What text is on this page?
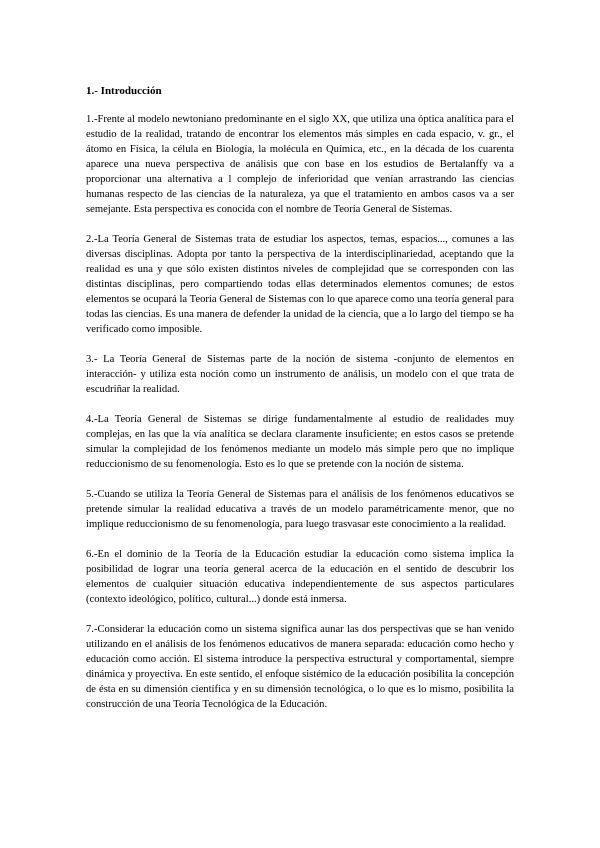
1.- Introducción

1.-Frente al modelo newtoniano predominante en el siglo XX, que utiliza una óptica analítica para el estudio de la realidad, tratando de encontrar los elementos más simples en cada espacio, v. gr., el átomo en Física, la célula en Biología, la molécula en Química, etc., en la década de los cuarenta aparece una nueva perspectiva de análisis que con base en los estudios de Bertalanffy va a proporcionar una alternativa a l complejo de inferioridad que venían arrastrando las ciencias humanas respecto de las ciencias de la naturaleza, ya que el tratamiento en ambos casos va a ser semejante. Esta perspectiva es conocida con el nombre de Teoría General de Sistemas.

2.-La Teoría General de Sistemas trata de estudiar los aspectos, temas, espacios..., comunes a las diversas disciplinas. Adopta por tanto la perspectiva de la interdisciplinariedad, aceptando que la realidad es una y que sólo existen distintos niveles de complejidad que se corresponden con las distintas disciplinas, pero compartiendo todas ellas determinados elementos comunes; de estos elementos se ocupará la Teoría General de Sistemas con lo que aparece como una teoría general para todas las ciencias. Es una manera de defender la unidad de la ciencia, que a lo largo del tiempo se ha verificado como imposible.

3.- La Teoría General de Sistemas parte de la noción de sistema -conjunto de elementos en interacción- y utiliza esta noción como un instrumento de análisis, un modelo con el que trata de escudriñar la realidad.

4.-La Teoría General de Sistemas se dirige fundamentalmente al estudio de realidades muy complejas, en las que la vía analítica se declara claramente insuficiente; en estos casos se pretende simular la complejidad de los fenómenos mediante un modelo más simple pero que no implique reduccionismo de su fenomenología. Esto es lo que se pretende con la noción de sistema.

5.-Cuando se utiliza la Teoría General de Sistemas para el análisis de los fenómenos educativos se pretende simular la realidad educativa a través de un modelo paramétricamente menor, que no implique reduccionismo de su fenomenología, para luego trasvasar este conocimiento a la realidad.

6.-En el dominio de la Teoría de la Educación estudiar la educación como sistema implica la posibilidad de lograr una teoría general acerca de la educación en el sentido de descubrir los elementos de cualquier situación educativa independientemente de sus aspectos particulares (contexto ideológico, político, cultural...) donde está inmersa.

7.-Considerar la educación como un sistema significa aunar las dos perspectivas que se han venido utilizando en el análisis de los fenómenos educativos de manera separada: educación como hecho y educación como acción. El sistema introduce la perspectiva estructural y comportamental, siempre dinámica y proyectiva. En este sentido, el enfoque sistémico de la educación posibilita la concepción de ésta en su dimensión científica y en su dimensión tecnológica, o lo que es lo mismo, posibilita la construcción de una Teoría Tecnológica de la Educación.
